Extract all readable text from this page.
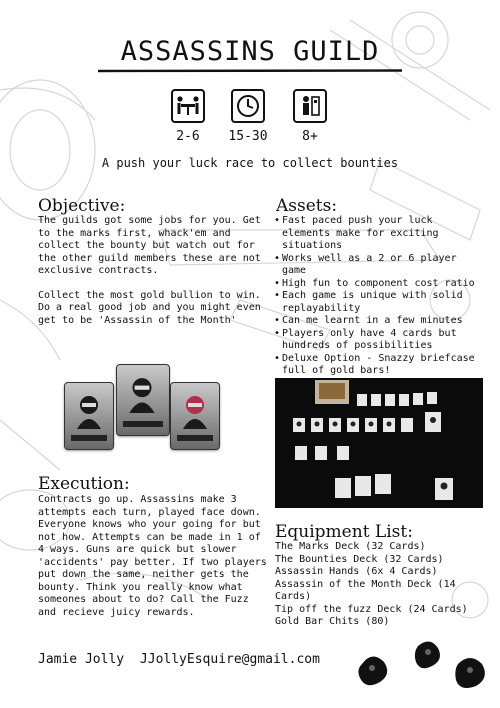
ASSASSINS GUILD
2-6	15-30	8+
A push your luck race to collect bounties
Objective:

The guilds got some jobs for you. Get to the marks first, whack'em and collect the bounty but watch out for the other guild members these are not exclusive contracts.

Collect the most gold bullion to win. Do a real good job and you might even get to be 'Assassin of the Month'

Assets:
• Fast paced push your luck elements make for exciting situations
• Works well as a 2 or 6 player game
• High fun to component cost ratio
• Each game is unique with solid replayability
• Can me learnt in a few minutes
• Players only have 4 cards but hundreds of possibilities
• Deluxe Option - Snazzy briefcase full of gold bars!
Execution:
Contracts go up. Assassins make 3 attempts each turn, played face down. Everyone knows who your going for but not how. Attempts can be made in 1 of 4 ways. Guns are quick but slower 'accidents' pay better. If two players put down the same, neither gets the bounty. Think you really know what someones about to do? Call the Fuzz and recieve juicy rewards.
Equipment List:
The Marks Deck (32 Cards)
The Bounties Deck (32 Cards)
Assassin Hands (6x 4 Cards)
Assassin of the Month Deck (14 Cards)
Tip off the fuzz Deck (24 Cards)
Gold Bar Chits (80)
Jamie Jolly JJollyEsquire@gmail.com
